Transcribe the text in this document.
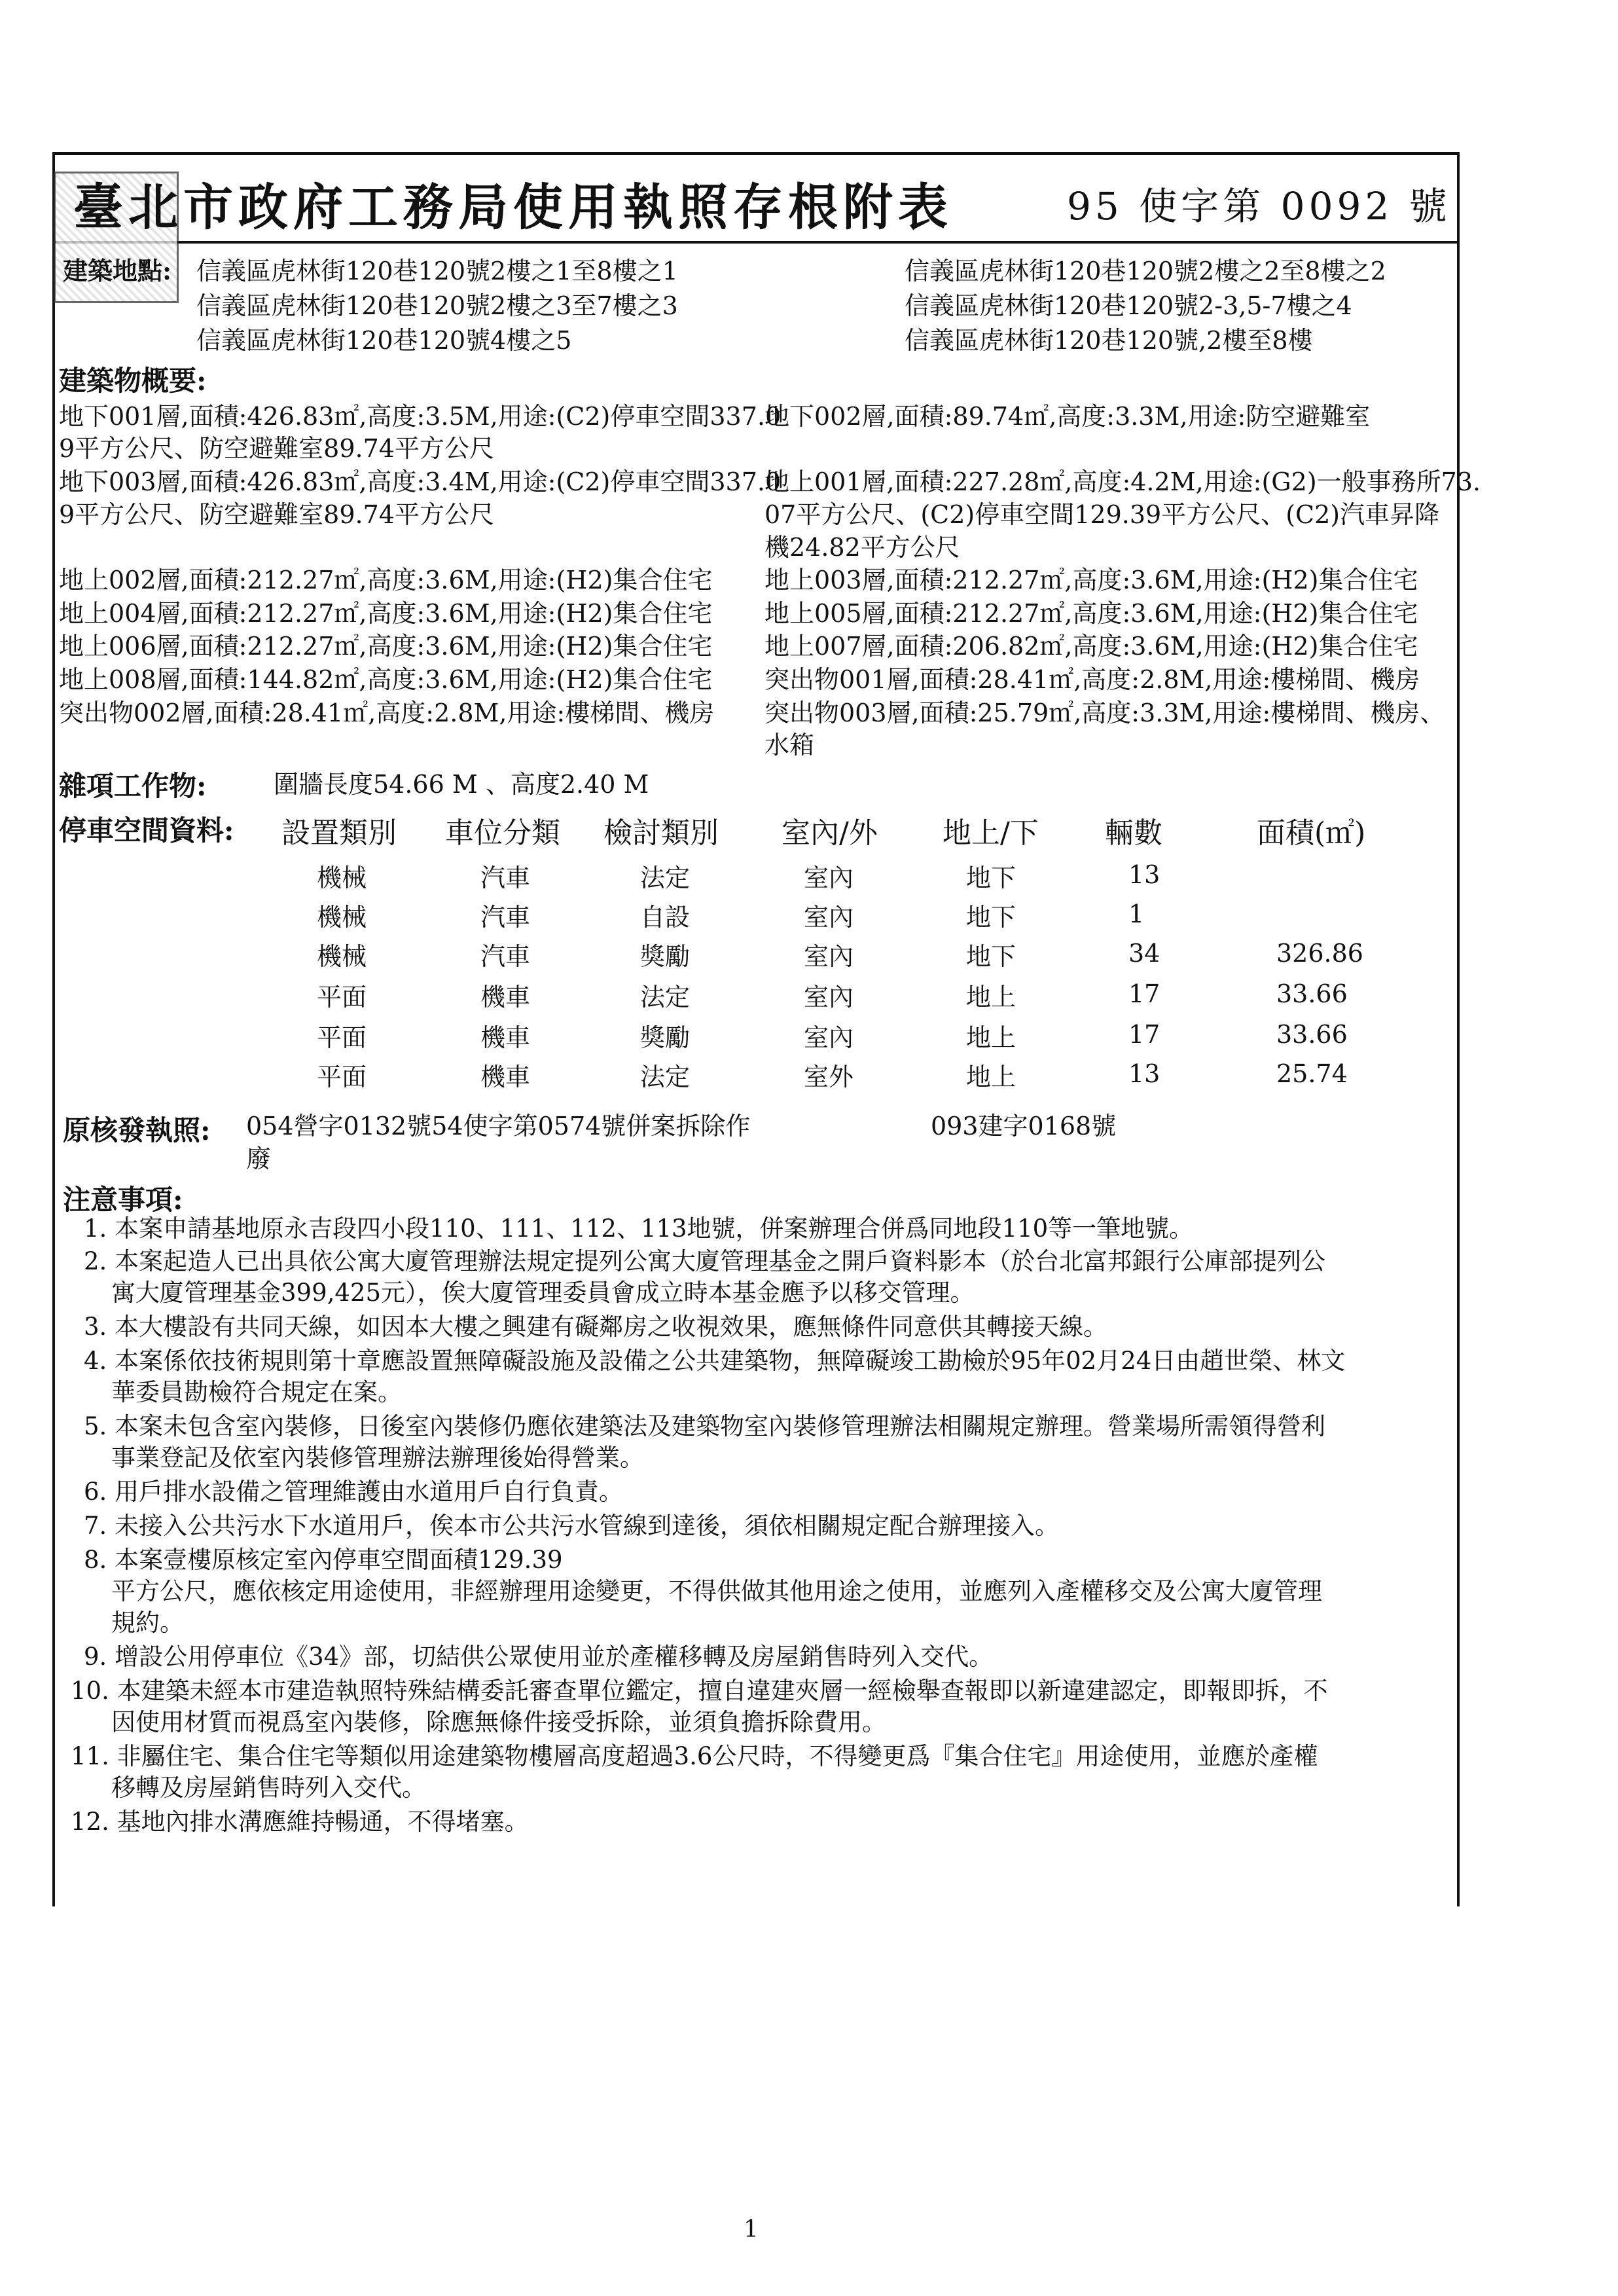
臺北市政府工務局使用執照存根附表	95 使字第 0092 號
建築地點: 信義區虎林街120巷120號2樓之1至8樓之1
信義區虎林街120巷120號2樓之3至7樓之3
信義區虎林街120巷120號4樓之5
信義區虎林街120巷120號2樓之2至8樓之2
信義區虎林街120巷120號2-3,5-7樓之4
信義區虎林街120巷120號,2樓至8樓
建築物概要:
地下001層,面積:426.83㎡,高度:3.5M,用途:(C2)停車空間337.0
9平方公尺、防空避難室89.74平方公尺
地下003層,面積:426.83㎡,高度:3.4M,用途:(C2)停車空間337.0
9平方公尺、防空避難室89.74平方公尺
地上002層,面積:212.27㎡,高度:3.6M,用途:(H2)集合住宅
地上004層,面積:212.27㎡,高度:3.6M,用途:(H2)集合住宅
地上006層,面積:212.27㎡,高度:3.6M,用途:(H2)集合住宅
地上008層,面積:144.82㎡,高度:3.6M,用途:(H2)集合住宅
突出物002層,面積:28.41㎡,高度:2.8M,用途:樓梯間、機房
地下002層,面積:89.74㎡,高度:3.3M,用途:防空避難室
地上001層,面積:227.28㎡,高度:4.2M,用途:(G2)一般事務所73.
07平方公尺、(C2)停車空間129.39平方公尺、(C2)汽車昇降
機24.82平方公尺
地上003層,面積:212.27㎡,高度:3.6M,用途:(H2)集合住宅
地上005層,面積:212.27㎡,高度:3.6M,用途:(H2)集合住宅
地上007層,面積:206.82㎡,高度:3.6M,用途:(H2)集合住宅
突出物001層,面積:28.41㎡,高度:2.8M,用途:樓梯間、機房
突出物003層,面積:25.79㎡,高度:3.3M,用途:樓梯間、機房、
水箱
雜項工作物:	圍牆長度54.66 M 、高度2.40 M
停車空間資料: 設置類別 車位分類 檢討類別 室內/外 地上/下 輛數	面積(㎡)
機械	汽車	法定	室內	地下	13
機械	汽車	自設	室內	地下	1
機械	汽車	獎勵	室內	地下	34	326.86
平面	機車	法定	室內	地上	17	33.66
平面	機車	獎勵	室內	地上	17	33.66
平面	機車	法定	室外	地上	13	25.74
原核發執照: 054營字0132號54使字第0574號併案拆除作
廢
093建字0168號
注意事項:
1. 本案申請基地原永吉段四小段110、111、112、113地號，併案辦理合併爲同地段110等一筆地號。
2. 本案起造人已出具依公寓大廈管理辦法規定提列公寓大廈管理基金之開戶資料影本（於台北富邦銀行公庫部提列公
寓大廈管理基金399,425元），俟大廈管理委員會成立時本基金應予以移交管理。
3. 本大樓設有共同天線，如因本大樓之興建有礙鄰房之收視效果，應無條件同意供其轉接天線。
4. 本案係依技術規則第十章應設置無障礙設施及設備之公共建築物，無障礙竣工勘檢於95年02月24日由趙世榮、林文
華委員勘檢符合規定在案。
5. 本案未包含室內裝修，日後室內裝修仍應依建築法及建築物室內裝修管理辦法相關規定辦理。營業場所需領得營利
事業登記及依室內裝修管理辦法辦理後始得營業。
6. 用戶排水設備之管理維護由水道用戶自行負責。
7. 未接入公共污水下水道用戶，俟本市公共污水管線到達後，須依相關規定配合辦理接入。
8. 本案壹樓原核定室內停車空間面積129.39
平方公尺，應依核定用途使用，非經辦理用途變更，不得供做其他用途之使用，並應列入產權移交及公寓大廈管理
規約。
9. 增設公用停車位《34》部，切結供公眾使用並於產權移轉及房屋銷售時列入交代。
10. 本建築未經本市建造執照特殊結構委託審查單位鑑定，擅自違建夾層一經檢舉查報即以新違建認定，即報即拆，不
因使用材質而視爲室內裝修，除應無條件接受拆除，並須負擔拆除費用。
11. 非屬住宅、集合住宅等類似用途建築物樓層高度超過3.6公尺時，不得變更爲『集合住宅』用途使用，並應於產權
移轉及房屋銷售時列入交代。
12. 基地內排水溝應維持暢通，不得堵塞。
1
